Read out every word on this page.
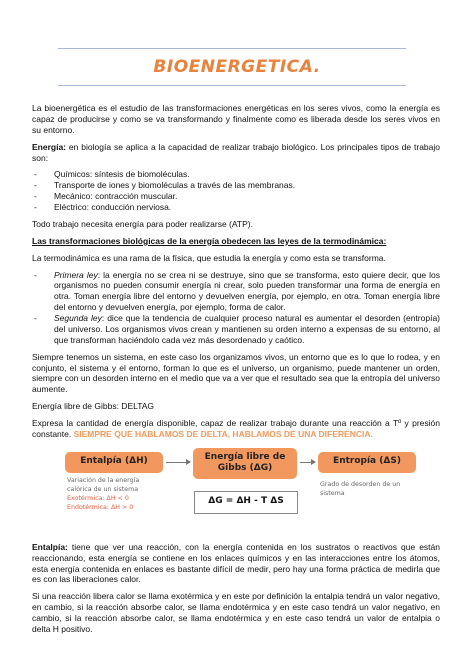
BIOENERGETICA.

La bioenergética es el estudio de las transformaciones energéticas en los seres vivos, como la energía es capaz de producirse y como se va transformando y finalmente como es liberada desde los seres vivos en su entorno.

Energía: en biología se aplica a la capacidad de realizar trabajo biológico. Los principales tipos de trabajo son:

- Químicos: síntesis de biomoléculas.
- Transporte de iones y biomoléculas a través de las membranas.
- Mecánico: contracción muscular.
- Eléctrico: conducción nerviosa.

Todo trabajo necesita energía para poder realizarse (ATP).

Las transformaciones biológicas de la energía obedecen las leyes de la termodinámica:

La termodinámica es una rama de la física, que estudia la energía y como esta se transforma.

- Primera ley: la energía no se crea ni se destruye, sino que se transforma, esto quiere decir, que los organismos no pueden consumir energía ni crear, solo pueden transformar una forma de energía en otra. Toman energía libre del entorno y devuelven energía, por ejemplo, en otra. Toman energía libre del entorno y devuelven energía, por ejemplo, forma de calor.
- Segunda ley: dice que la tendencia de cualquier proceso natural es aumentar el desorden (entropía) del universo. Los organismos vivos crean y mantienen su orden interno a expensas de su entorno, al que transforman haciéndolo cada vez más desordenado y caótico.

Siempre tenemos un sistema, en este caso los organizamos vivos, un entorno que es lo que lo rodea, y en conjunto, el sistema y el entorno, forman lo que es el universo, un organismo, puede mantener un orden, siempre con un desorden interno en el medio que va a ver que el resultado sea que la entropía del universo aumente.

Energía libre de Gibbs: DELTAG

Expresa la cantidad de energía disponible, capaz de realizar trabajo durante una reacción a Tº y presión constante. SIEMPRE QUE HABLAMOS DE DELTA, HABLAMOS DE UNA DIFERENCIA.

Entalpía (ΔH)	Energía libre de
Gibbs (ΔG)
Entropía (ΔS)
Variación de la energía
calórica de un sistema
Exotérmica: ΔH < 0
Endotérmica: ΔH > 0
ΔG = ΔH - T ΔS
Grado de desorden de un
sistema

Entalpía: tiene que ver una reacción, con la energía contenida en los sustratos o reactivos que están reaccionando, esta energía se contiene en los enlaces químicos y en las interacciones entre los átomos, esta energía contenida en enlaces es bastante difícil de medir, pero hay una forma práctica de medirla que es con las liberaciones calor.

Si una reacción libera calor se llama exotérmica y en este por definición la entalpia tendrá un valor negativo, en cambio, si la reacción absorbe calor, se llama endotérmica y en este caso tendrá un valor negativo, en cambio, si la reacción absorbe calor, se llama endotérmica y en este caso tendrá un valor de entalpia o delta H positivo.
